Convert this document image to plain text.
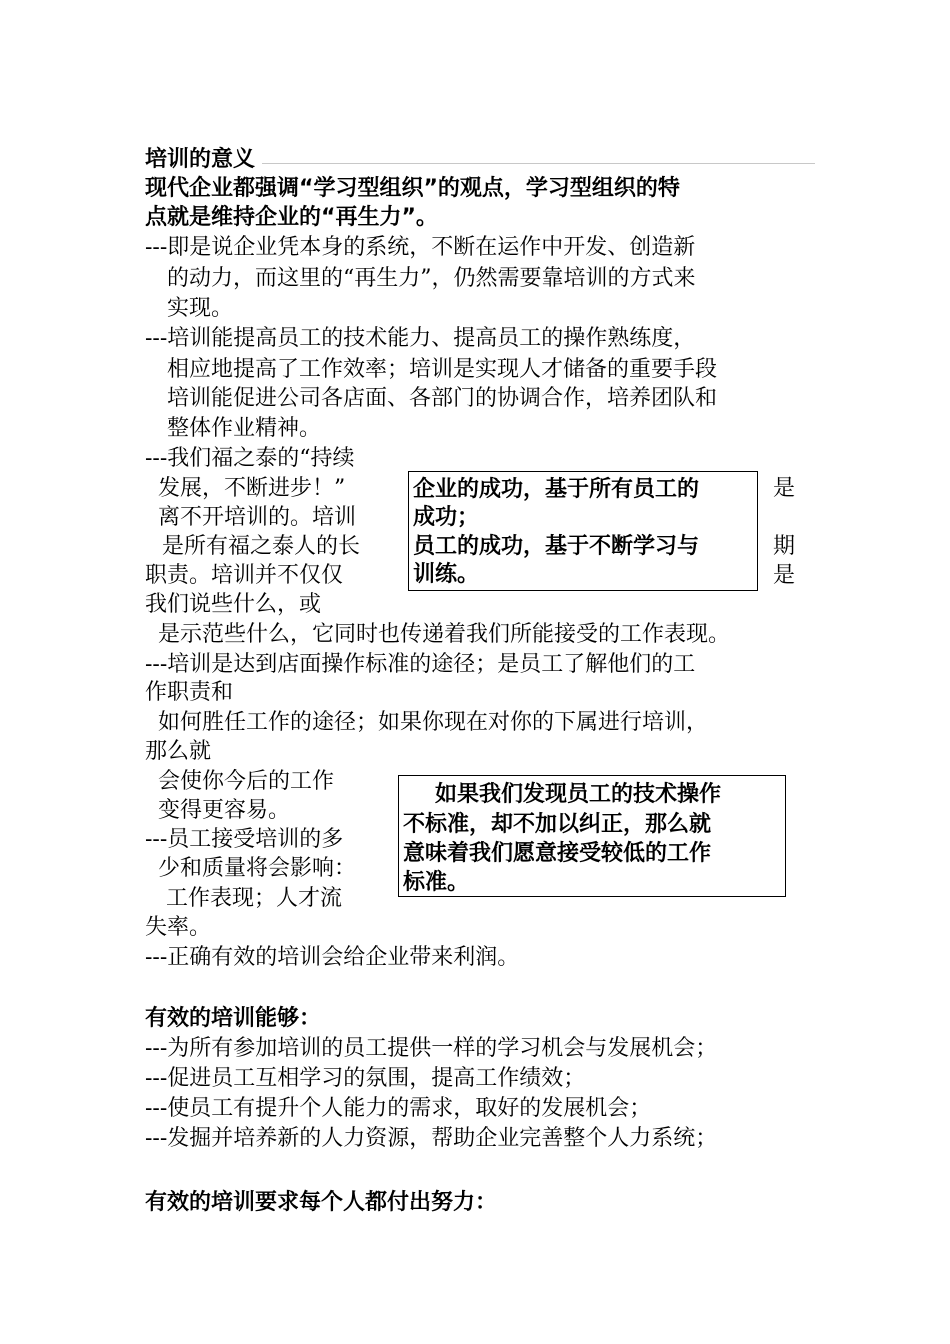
培训的意义
现代企业都强调“学习型组织”的观点，学习型组织的特
点就是维持企业的“再生力”。
---即是说企业凭本身的系统，不断在运作中开发、创造新
的动力，而这里的“再生力”，仍然需要靠培训的方式来
实现。
---培训能提高员工的技术能力、提高员工的操作熟练度，
相应地提高了工作效率；培训是实现人才储备的重要手段
培训能促进公司各店面、各部门的协调合作，培养团队和
整体作业精神。
---我们福之泰的“持续
发展，不断进步！”
离不开培训的。培训
是所有福之泰人的长
职责。培训并不仅仅
我们说些什么，或
是示范些什么，它同时也传递着我们所能接受的工作表现。
是
期
是
企业的成功，基于所有员工的
成功；
员工的成功，基于不断学习与
训练。
---培训是达到店面操作标准的途径；是员工了解他们的工
作职责和
如何胜任工作的途径；如果你现在对你的下属进行培训，
那么就
会使你今后的工作
变得更容易。
---员工接受培训的多
少和质量将会影响：
工作表现；人才流
失率。
---正确有效的培训会给企业带来利润。
如果我们发现员工的技术操作
不标准，却不加以纠正，那么就
意味着我们愿意接受较低的工作
标准。
有效的培训能够：
---为所有参加培训的员工提供一样的学习机会与发展机会；
---促进员工互相学习的氛围，提高工作绩效；
---使员工有提升个人能力的需求，取好的发展机会；
---发掘并培养新的人力资源，帮助企业完善整个人力系统；
有效的培训要求每个人都付出努力：
